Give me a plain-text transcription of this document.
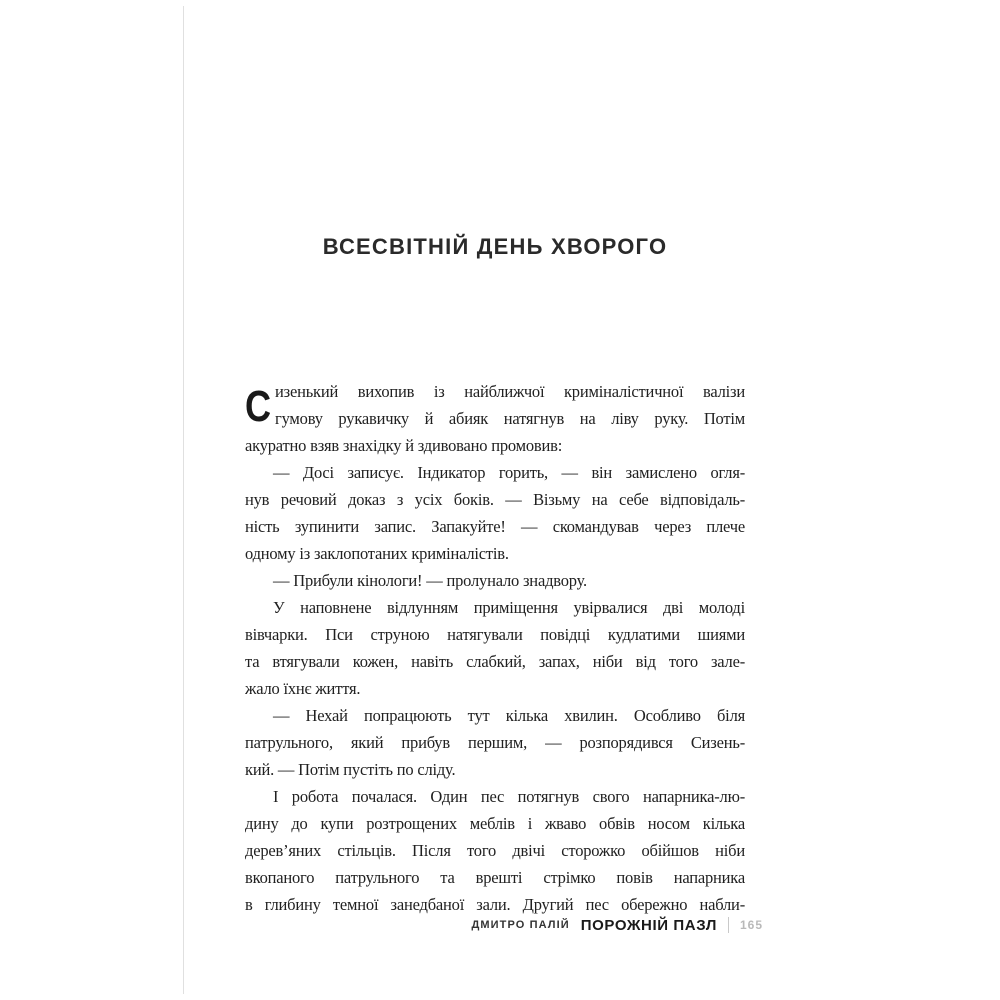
ВСЕСВІТНІЙ ДЕНЬ ХВОРОГО
С изенький вихопив із найближчої криміналістичної валізи
гумову рукавичку й абияк натягнув на ліву руку. Потім
акуратно взяв знахідку й здивовано промовив:
— Досі записує. Індикатор горить, — він замислено огля-
нув речовий доказ з усіх боків. — Візьму на себе відповідаль-
ність зупинити запис. Запакуйте! — скомандував через плече
одному із заклопотаних криміналістів.
— Прибули кінологи! — пролунало знадвору.
У наповнене відлунням приміщення увірвалися дві молоді
вівчарки. Пси струною натягували повідці кудлатими шиями
та втягували кожен, навіть слабкий, запах, ніби від того зале-
жало їхнє життя.
— Нехай попрацюють тут кілька хвилин. Особливо біля
патрульного, який прибув першим, — розпорядився Сизень-
кий. — Потім пустіть по сліду.
І робота почалася. Один пес потягнув свого напарника-лю-
дину до купи розтрощених меблів і жваво обвів носом кілька
дерев’яних стільців. Після того двічі сторожко обійшов ніби
вкопаного патрульного та врешті стрімко повів напарника
в глибину темної занедбаної зали. Другий пес обережно набли-
ДМИТРО ПАЛІЙ ПОРОЖНІЙ ПАЗЛ 165
